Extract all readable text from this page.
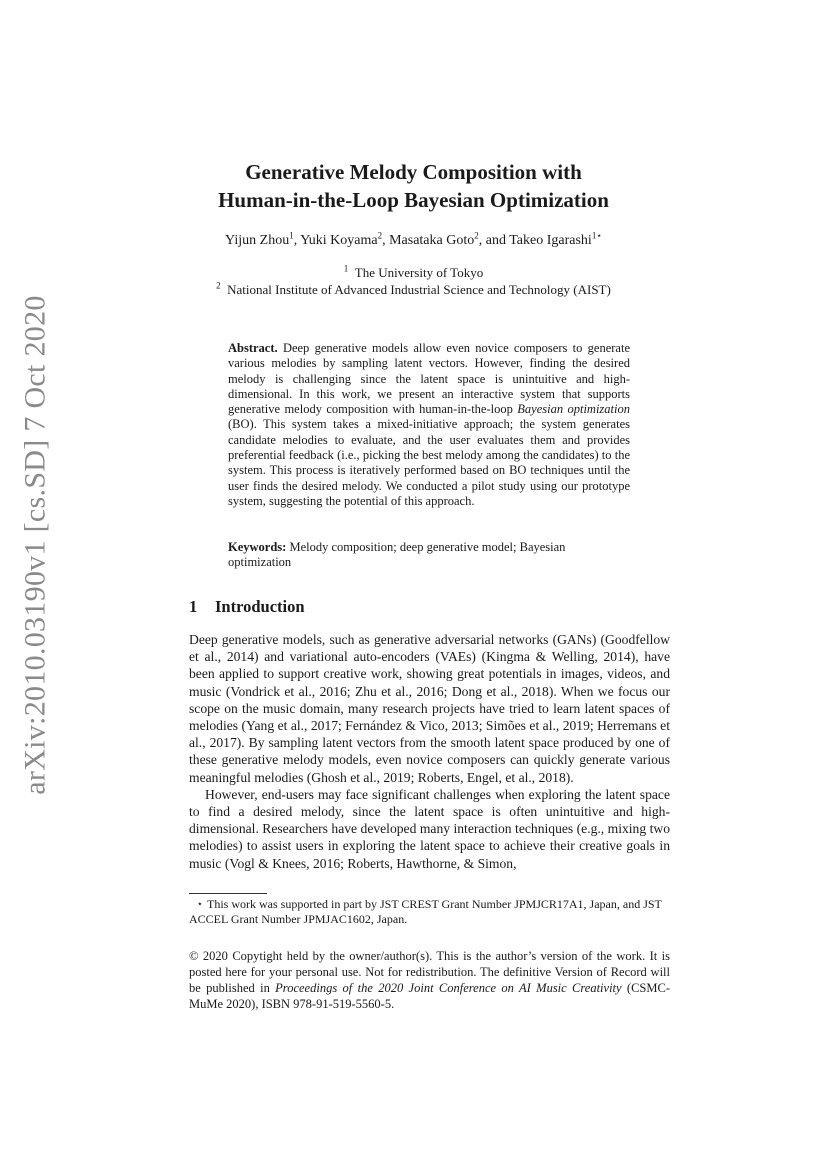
arXiv:2010.03190v1 [cs.SD] 7 Oct 2020
Generative Melody Composition with
Human-in-the-Loop Bayesian Optimization
Yijun Zhou$^1$, Yuki Koyama$^2$, Masataka Goto$^2$, and Takeo Igarashi$^{1⋆}$
$^1$ The University of Tokyo
$^2$ National Institute of Advanced Industrial Science and Technology (AIST)
Abstract. Deep generative models allow even novice composers to generate various melodies by sampling latent vectors. However, finding the desired melody is challenging since the latent space is unintuitive and high-dimensional. In this work, we present an interactive system that supports generative melody composition with human-in-the-loop Bayesian optimization (BO). This system takes a mixed-initiative approach; the system generates candidate melodies to evaluate, and the user evaluates them and provides preferential feedback (i.e., picking the best melody among the candidates) to the system. This process is iteratively performed based on BO techniques until the user finds the desired melody. We conducted a pilot study using our prototype system, suggesting the potential of this approach.
Keywords: Melody composition; deep generative model; Bayesian optimization
1 Introduction

Deep generative models, such as generative adversarial networks (GANs) (Goodfellow et al., 2014) and variational auto-encoders (VAEs) (Kingma & Welling, 2014), have been applied to support creative work, showing great potentials in images, videos, and music (Vondrick et al., 2016; Zhu et al., 2016; Dong et al., 2018). When we focus our scope on the music domain, many research projects have tried to learn latent spaces of melodies (Yang et al., 2017; Fernández & Vico, 2013; Simões et al., 2019; Herremans et al., 2017). By sampling latent vectors from the smooth latent space produced by one of these generative melody models, even novice composers can quickly generate various meaningful melodies (Ghosh et al., 2019; Roberts, Engel, et al., 2018).

However, end-users may face significant challenges when exploring the latent space to find a desired melody, since the latent space is often unintuitive and high-dimensional. Researchers have developed many interaction techniques (e.g., mixing two melodies) to assist users in exploring the latent space to achieve their creative goals in music (Vogl & Knees, 2016; Roberts, Hawthorne, & Simon,

⋆ This work was supported in part by JST CREST Grant Number JPMJCR17A1, Japan, and JST ACCEL Grant Number JPMJAC1602, Japan.
© 2020 Copytight held by the owner/author(s). This is the author’s version of the work. It is posted here for your personal use. Not for redistribution. The definitive Version of Record will be published in Proceedings of the 2020 Joint Conference on AI Music Creativity (CSMC-MuMe 2020), ISBN 978-91-519-5560-5.
